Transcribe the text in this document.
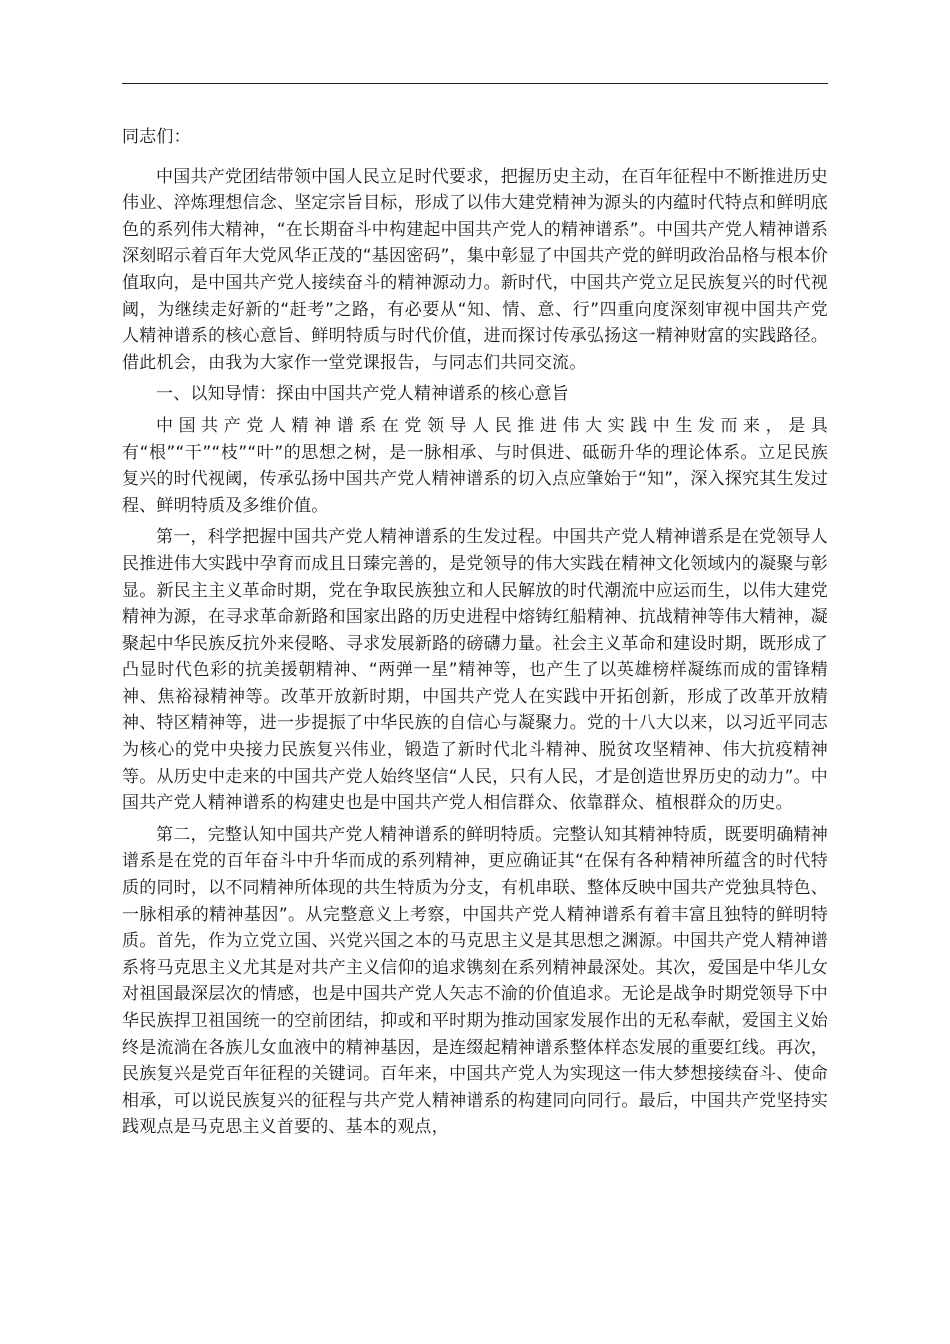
同志们：

中国共产党团结带领中国人民立足时代要求，把握历史主动，在百年征程中不断推进历史伟业、淬炼理想信念、坚定宗旨目标，形成了以伟大建党精神为源头的内蕴时代特点和鲜明底色的系列伟大精神，“在长期奋斗中构建起中国共产党人的精神谱系”。中国共产党人精神谱系深刻昭示着百年大党风华正茂的“基因密码”，集中彰显了中国共产党的鲜明政治品格与根本价值取向，是中国共产党人接续奋斗的精神源动力。新时代，中国共产党立足民族复兴的时代视阈，为继续走好新的“赶考”之路，有必要从“知、情、意、行”四重向度深刻审视中国共产党人精神谱系的核心意旨、鲜明特质与时代价值，进而探讨传承弘扬这一精神财富的实践路径。借此机会，由我为大家作一堂党课报告，与同志们共同交流。

一、以知导情：探由中国共产党人精神谱系的核心意旨

中国共产党人精神谱系在党领导人民推进伟大实践中生发而来，是具有“根”“干”“枝”“叶”的思想之树，是一脉相承、与时俱进、砥砺升华的理论体系。立足民族复兴的时代视阈，传承弘扬中国共产党人精神谱系的切入点应肇始于“知”，深入探究其生发过程、鲜明特质及多维价值。

第一，科学把握中国共产党人精神谱系的生发过程。中国共产党人精神谱系是在党领导人民推进伟大实践中孕育而成且日臻完善的，是党领导的伟大实践在精神文化领域内的凝聚与彰显。新民主主义革命时期，党在争取民族独立和人民解放的时代潮流中应运而生，以伟大建党精神为源，在寻求革命新路和国家出路的历史进程中熔铸红船精神、抗战精神等伟大精神，凝聚起中华民族反抗外来侵略、寻求发展新路的磅礴力量。社会主义革命和建设时期，既形成了凸显时代色彩的抗美援朝精神、“两弹一星”精神等，也产生了以英雄榜样凝练而成的雷锋精神、焦裕禄精神等。改革开放新时期，中国共产党人在实践中开拓创新，形成了改革开放精神、特区精神等，进一步提振了中华民族的自信心与凝聚力。党的十八大以来，以习近平同志为核心的党中央接力民族复兴伟业，锻造了新时代北斗精神、脱贫攻坚精神、伟大抗疫精神等。从历史中走来的中国共产党人始终坚信“人民，只有人民，才是创造世界历史的动力”。中国共产党人精神谱系的构建史也是中国共产党人相信群众、依靠群众、植根群众的历史。

第二，完整认知中国共产党人精神谱系的鲜明特质。完整认知其精神特质，既要明确精神谱系是在党的百年奋斗中升华而成的系列精神，更应确证其“在保有各种精神所蕴含的时代特质的同时，以不同精神所体现的共生特质为分支，有机串联、整体反映中国共产党独具特色、一脉相承的精神基因”。从完整意义上考察，中国共产党人精神谱系有着丰富且独特的鲜明特质。首先，作为立党立国、兴党兴国之本的马克思主义是其思想之渊源。中国共产党人精神谱系将马克思主义尤其是对共产主义信仰的追求镌刻在系列精神最深处。其次，爱国是中华儿女对祖国最深层次的情感，也是中国共产党人矢志不渝的价值追求。无论是战争时期党领导下中华民族捍卫祖国统一的空前团结，抑或和平时期为推动国家发展作出的无私奉献，爱国主义始终是流淌在各族儿女血液中的精神基因，是连缀起精神谱系整体样态发展的重要红线。再次，民族复兴是党百年征程的关键词。百年来，中国共产党人为实现这一伟大梦想接续奋斗、使命相承，可以说民族复兴的征程与共产党人精神谱系的构建同向同行。最后，中国共产党坚持实践观点是马克思主义首要的、基本的观点，
